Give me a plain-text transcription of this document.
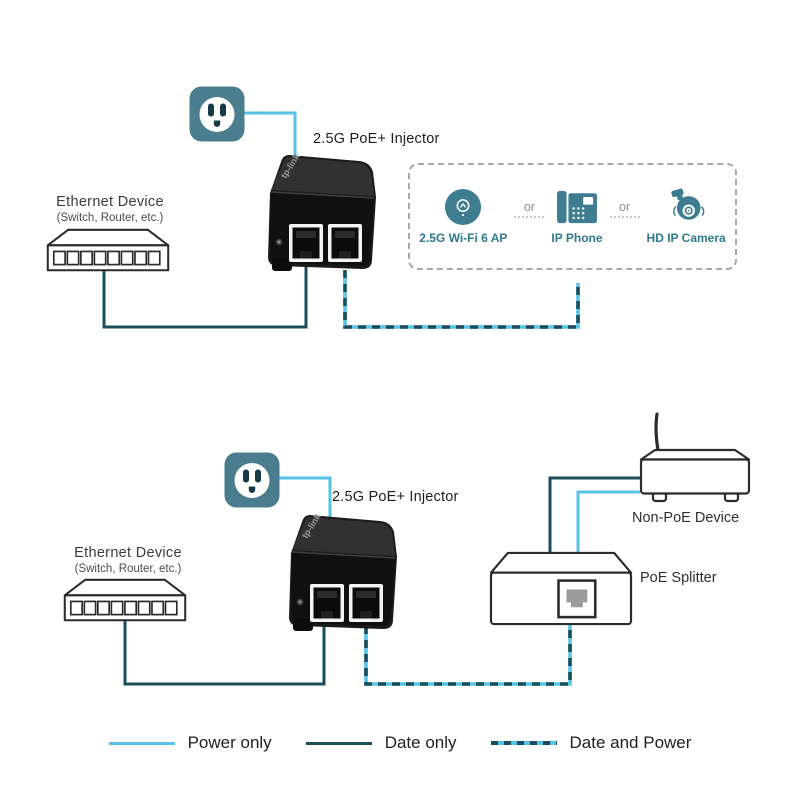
2.5G PoE+ Injector
Ethernet Device
(Switch, Router, etc.)
2.5G Wi-Fi 6 AP
or
IP Phone
or
HD IP Camera
2.5G PoE+ Injector
Ethernet Device
(Switch, Router, etc.)
Non-PoE Device
PoE Splitter
Power only	Date only	Date and Power
